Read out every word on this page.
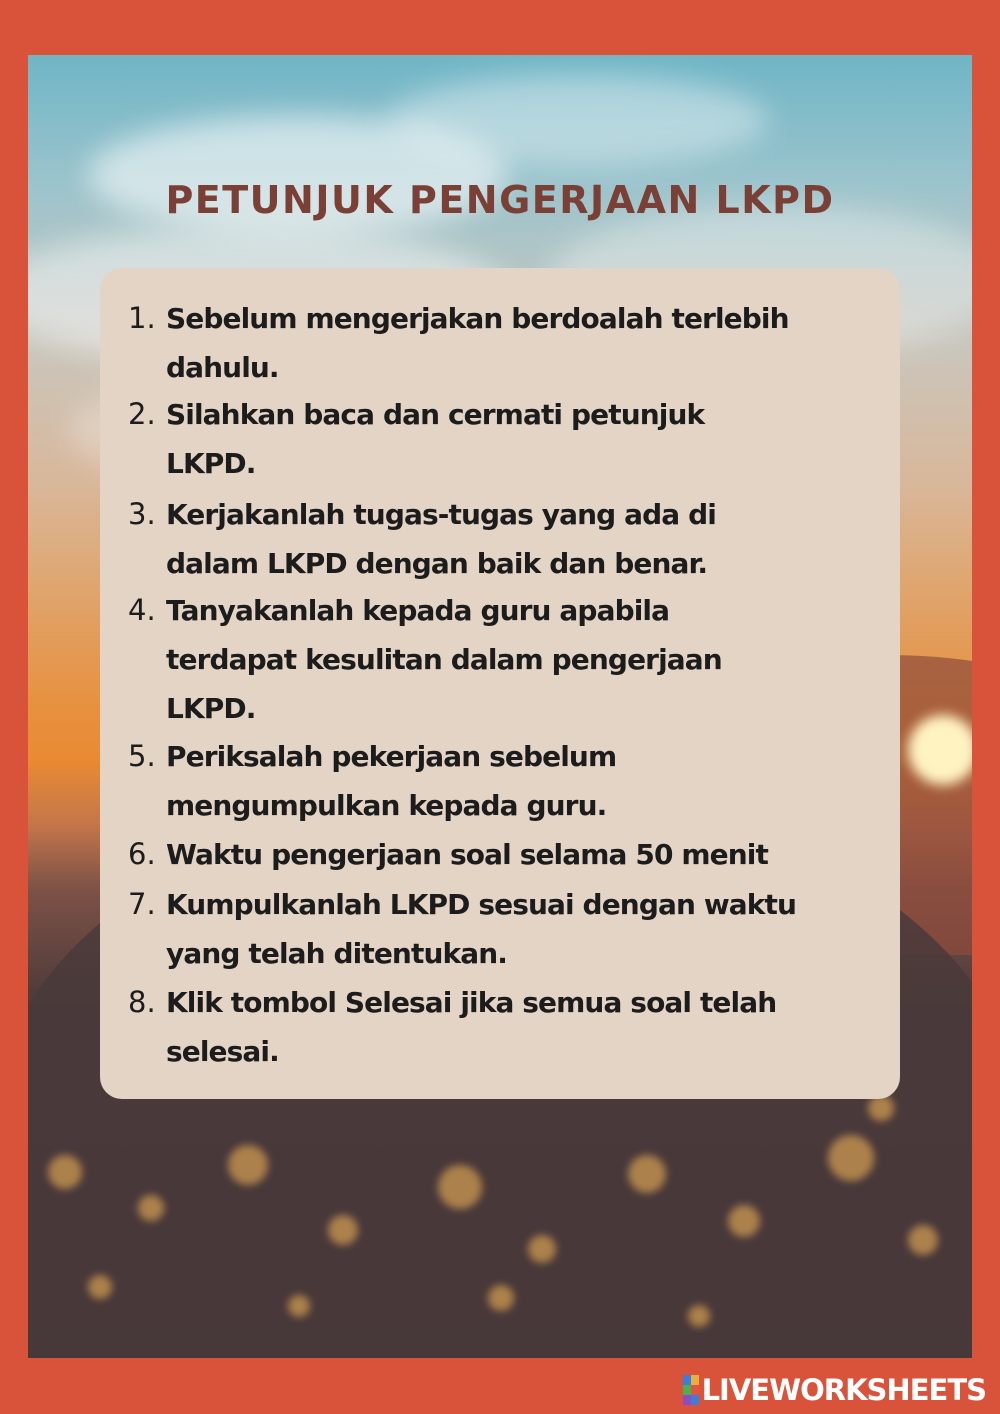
PETUNJUK PENGERJAAN LKPD
1. Sebelum mengerjakan berdoalah terlebih
dahulu.
2. Silahkan baca dan cermati petunjuk
LKPD.
3. Kerjakanlah tugas-tugas yang ada di
dalam LKPD dengan baik dan benar.
4. Tanyakanlah kepada guru apabila
terdapat kesulitan dalam pengerjaan
LKPD.
5. Periksalah pekerjaan sebelum
mengumpulkan kepada guru.
6. Waktu pengerjaan soal selama 50 menit
7. Kumpulkanlah LKPD sesuai dengan waktu
yang telah ditentukan.
8. Klik tombol Selesai jika semua soal telah
selesai.
LIVEWORKSHEETS
